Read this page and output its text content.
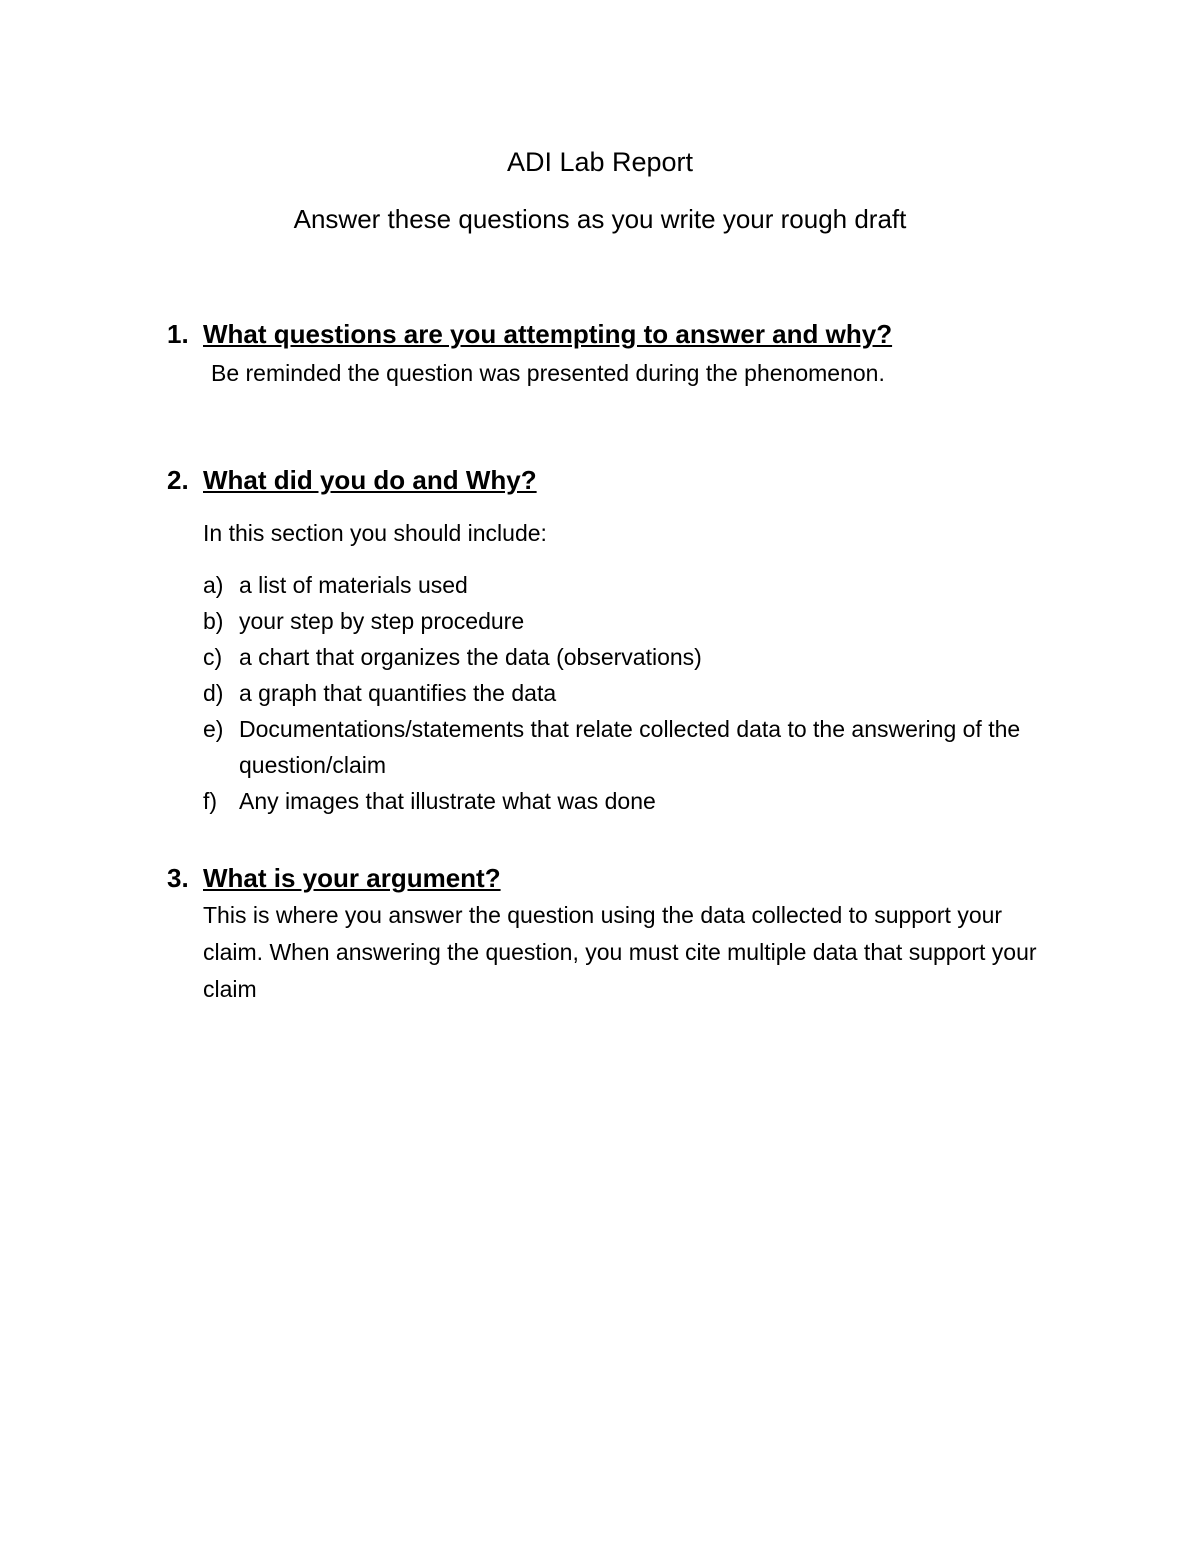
ADI Lab Report
Answer these questions as you write your rough draft
1. What questions are you attempting to answer and why?
Be reminded the question was presented during the phenomenon.
2. What did you do and Why?
In this section you should include:
a) a list of materials used
b) your step by step procedure
c) a chart that organizes the data (observations)
d) a graph that quantifies the data
e) Documentations/statements that relate collected data to the answering of the question/claim
f) Any images that illustrate what was done
3. What is your argument?
This is where you answer the question using the data collected to support your claim. When answering the question, you must cite multiple data that support your claim
